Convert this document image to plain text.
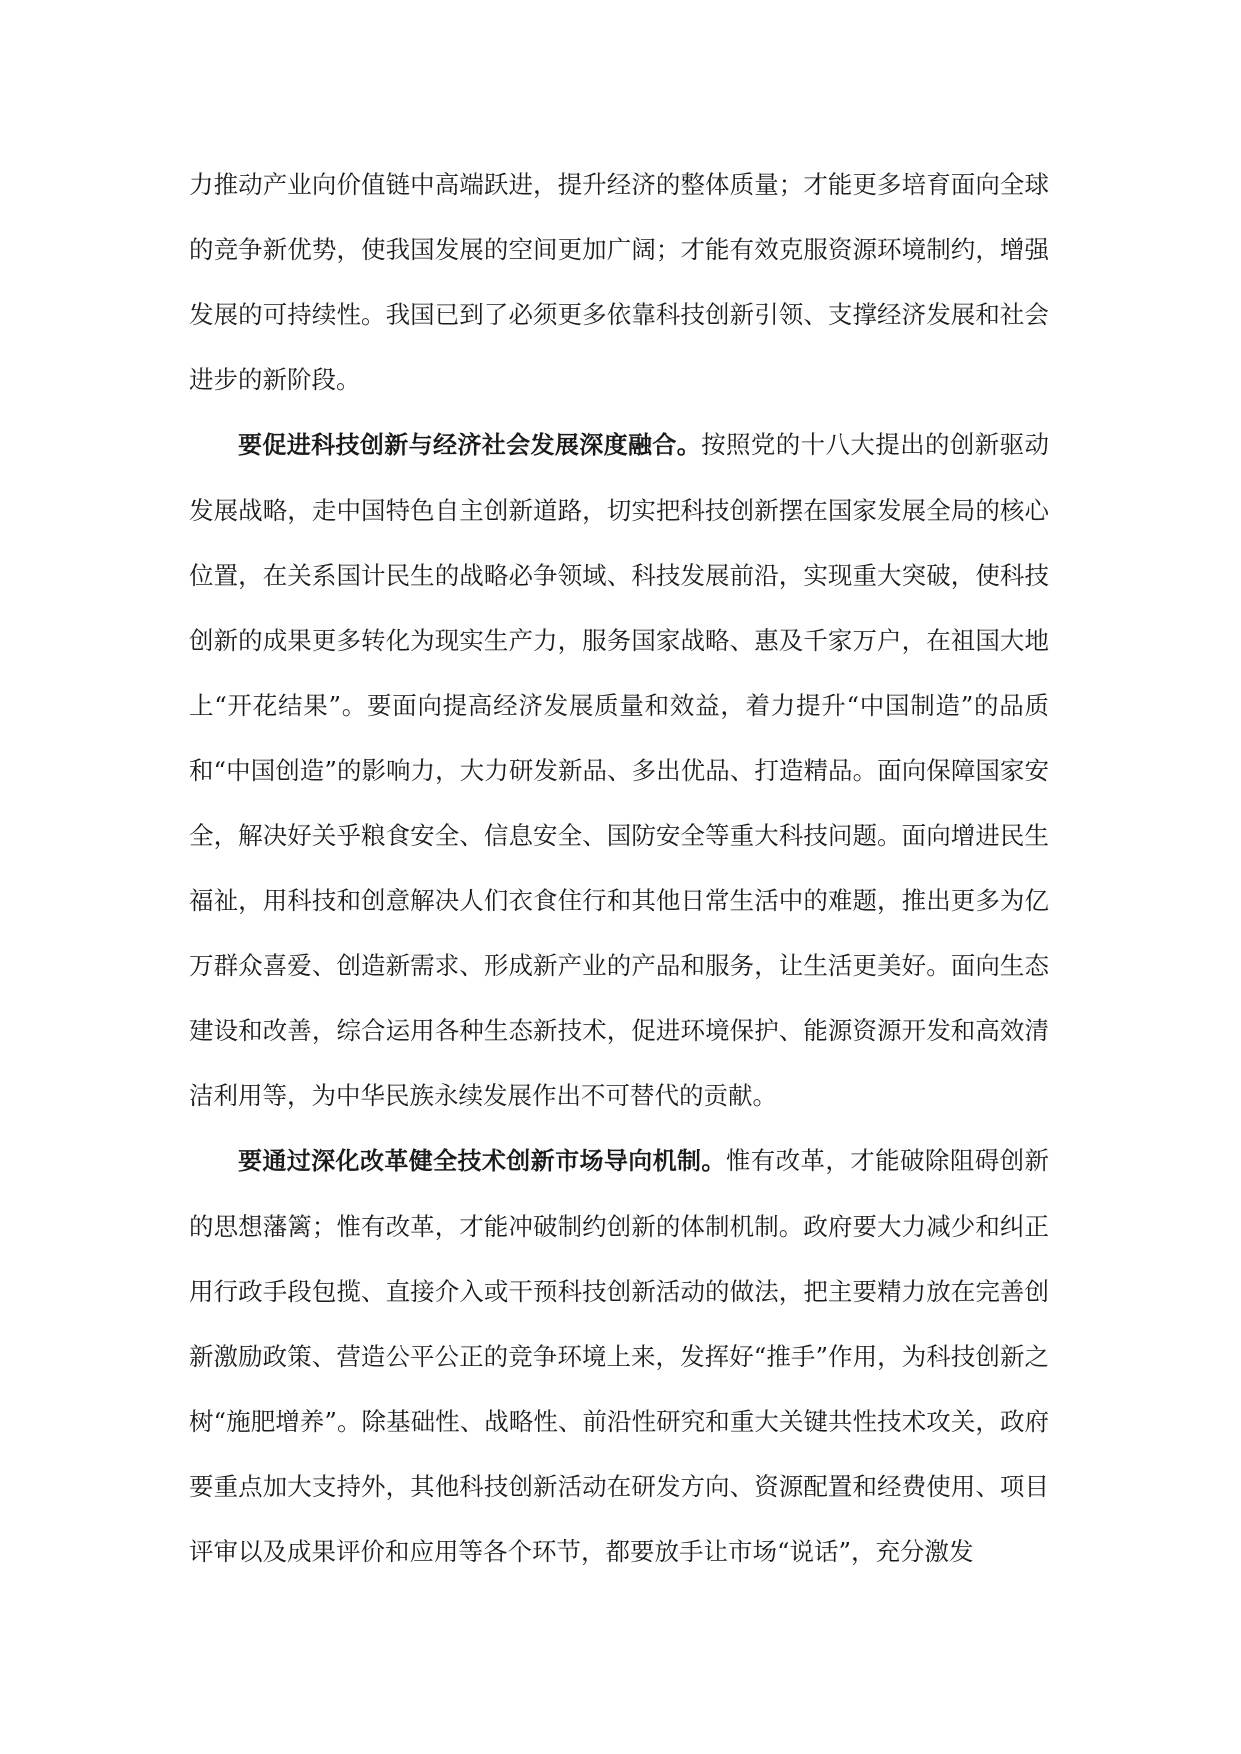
力推动产业向价值链中高端跃进，提升经济的整体质量；才能更多培育面向全球的竞争新优势，使我国发展的空间更加广阔；才能有效克服资源环境制约，增强发展的可持续性。我国已到了必须更多依靠科技创新引领、支撑经济发展和社会进步的新阶段。

要促进科技创新与经济社会发展深度融合。按照党的十八大提出的创新驱动发展战略，走中国特色自主创新道路，切实把科技创新摆在国家发展全局的核心位置，在关系国计民生的战略必争领域、科技发展前沿，实现重大突破，使科技创新的成果更多转化为现实生产力，服务国家战略、惠及千家万户，在祖国大地上“开花结果”。要面向提高经济发展质量和效益，着力提升“中国制造”的品质和“中国创造”的影响力，大力研发新品、多出优品、打造精品。面向保障国家安全，解决好关乎粮食安全、信息安全、国防安全等重大科技问题。面向增进民生福祉，用科技和创意解决人们衣食住行和其他日常生活中的难题，推出更多为亿万群众喜爱、创造新需求、形成新产业的产品和服务，让生活更美好。面向生态建设和改善，综合运用各种生态新技术，促进环境保护、能源资源开发和高效清洁利用等，为中华民族永续发展作出不可替代的贡献。

要通过深化改革健全技术创新市场导向机制。惟有改革，才能破除阻碍创新的思想藩篱；惟有改革，才能冲破制约创新的体制机制。政府要大力减少和纠正用行政手段包揽、直接介入或干预科技创新活动的做法，把主要精力放在完善创新激励政策、营造公平公正的竞争环境上来，发挥好“推手”作用，为科技创新之树“施肥增养”。除基础性、战略性、前沿性研究和重大关键共性技术攻关，政府要重点加大支持外，其他科技创新活动在研发方向、资源配置和经费使用、项目评审以及成果评价和应用等各个环节，都要放手让市场“说话”，充分激发
